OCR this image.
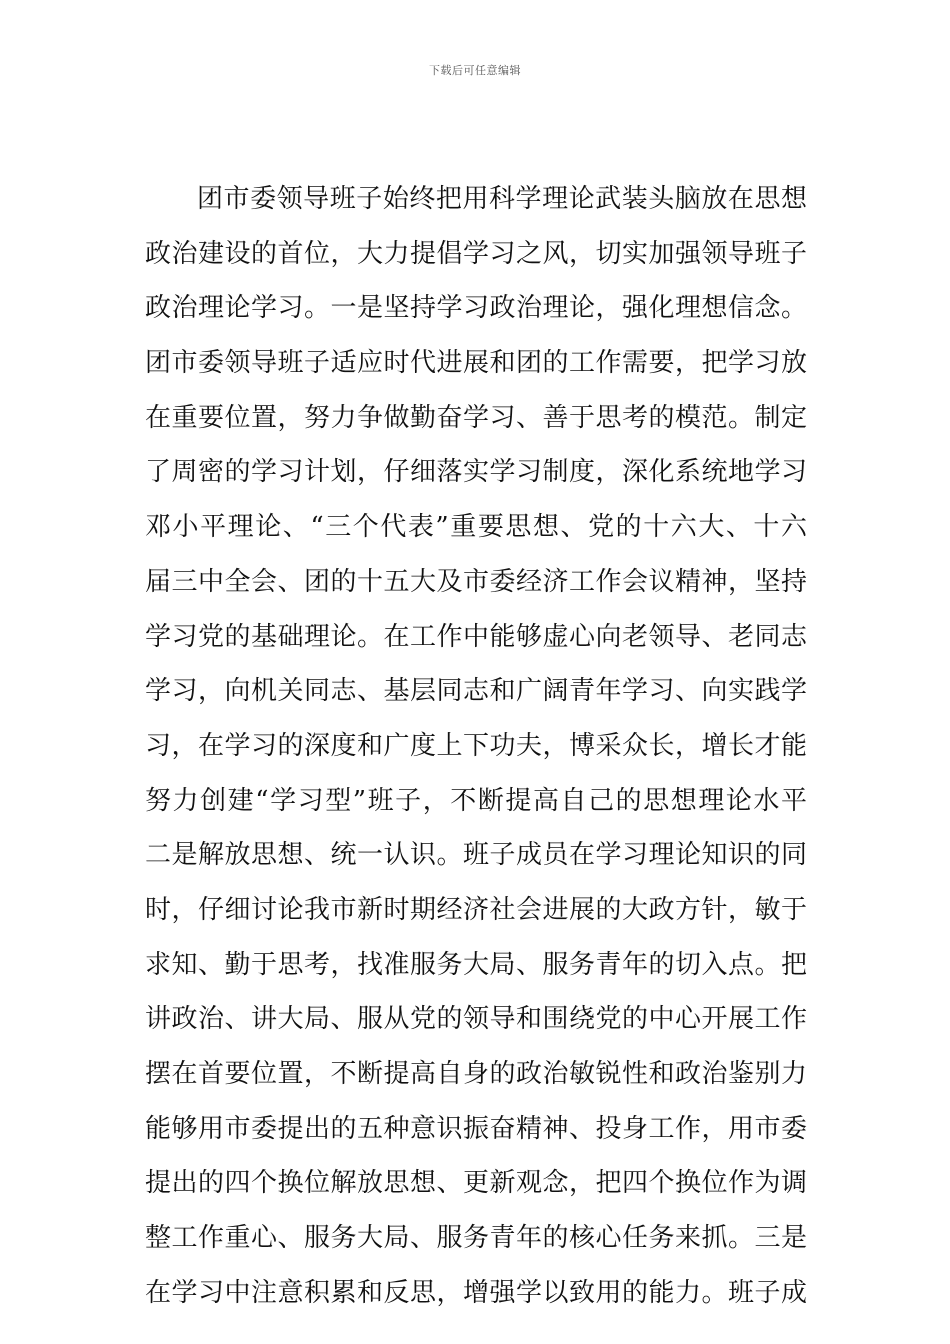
下载后可任意编辑
团市委领导班子始终把用科学理论武装头脑放在思想
政治建设的首位，大力提倡学习之风，切实加强领导班子
政治理论学习。一是坚持学习政治理论，强化理想信念。
团市委领导班子适应时代进展和团的工作需要，把学习放
在重要位置，努力争做勤奋学习、善于思考的模范。制定
了周密的学习计划，仔细落实学习制度，深化系统地学习
邓小平理论、“三个代表”重要思想、党的十六大、十六
届三中全会、团的十五大及市委经济工作会议精神，坚持
学习党的基础理论。在工作中能够虚心向老领导、老同志
学习，向机关同志、基层同志和广阔青年学习、向实践学
习，在学习的深度和广度上下功夫，博采众长，增长才能
努力创建“学习型”班子，不断提高自己的思想理论水平
二是解放思想、统一认识。班子成员在学习理论知识的同
时，仔细讨论我市新时期经济社会进展的大政方针，敏于
求知、勤于思考，找准服务大局、服务青年的切入点。把
讲政治、讲大局、服从党的领导和围绕党的中心开展工作
摆在首要位置，不断提高自身的政治敏锐性和政治鉴别力
能够用市委提出的五种意识振奋精神、投身工作，用市委
提出的四个换位解放思想、更新观念，把四个换位作为调
整工作重心、服务大局、服务青年的核心任务来抓。三是
在学习中注意积累和反思，增强学以致用的能力。班子成
